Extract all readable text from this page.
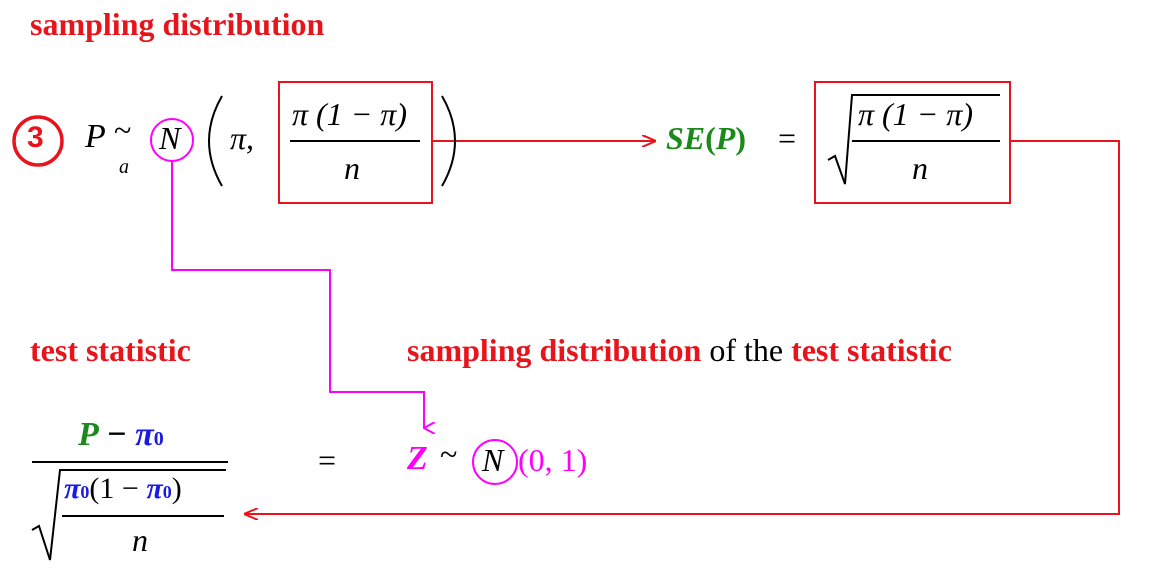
sampling distribution
test statistic	sampling distribution of the test statistic
3 P ~
a
N π,
π (1 − π)
n
SE(P) =
π (1 − π)
n
P − π0
π0(1 − π0)
n
= Z ~ N (0, 1)
